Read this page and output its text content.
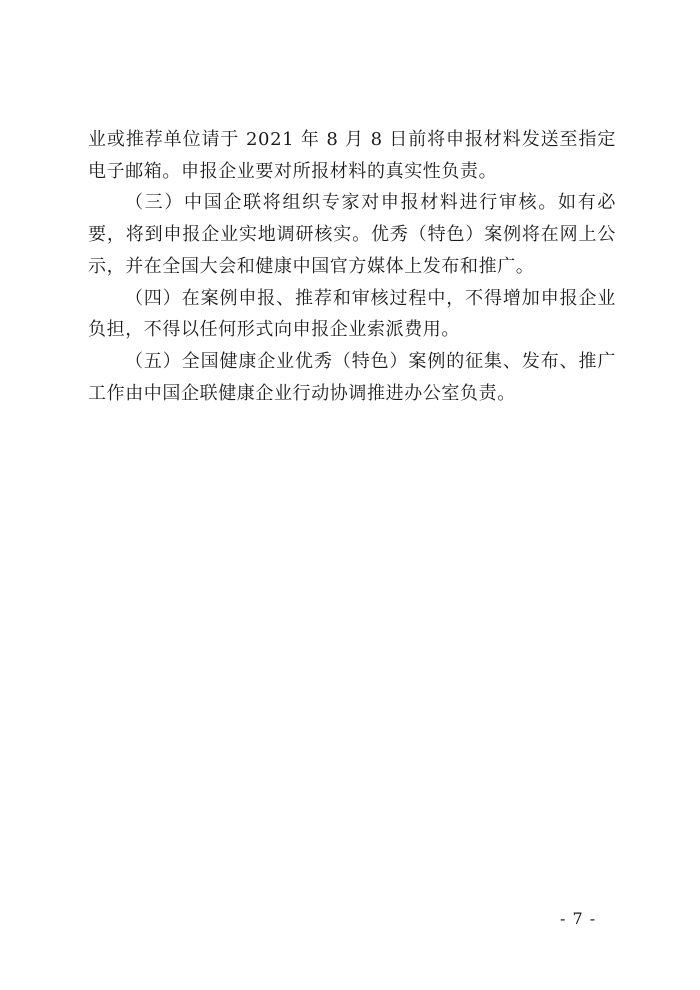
业或推荐单位请于 2021 年 8 月 8 日前将申报材料发送至指定电子邮箱。申报企业要对所报材料的真实性负责。

（三）中国企联将组织专家对申报材料进行审核。如有必要，将到申报企业实地调研核实。优秀（特色）案例将在网上公示，并在全国大会和健康中国官方媒体上发布和推广。

（四）在案例申报、推荐和审核过程中，不得增加申报企业负担，不得以任何形式向申报企业索派费用。

（五）全国健康企业优秀（特色）案例的征集、发布、推广工作由中国企联健康企业行动协调推进办公室负责。

- 7 -
